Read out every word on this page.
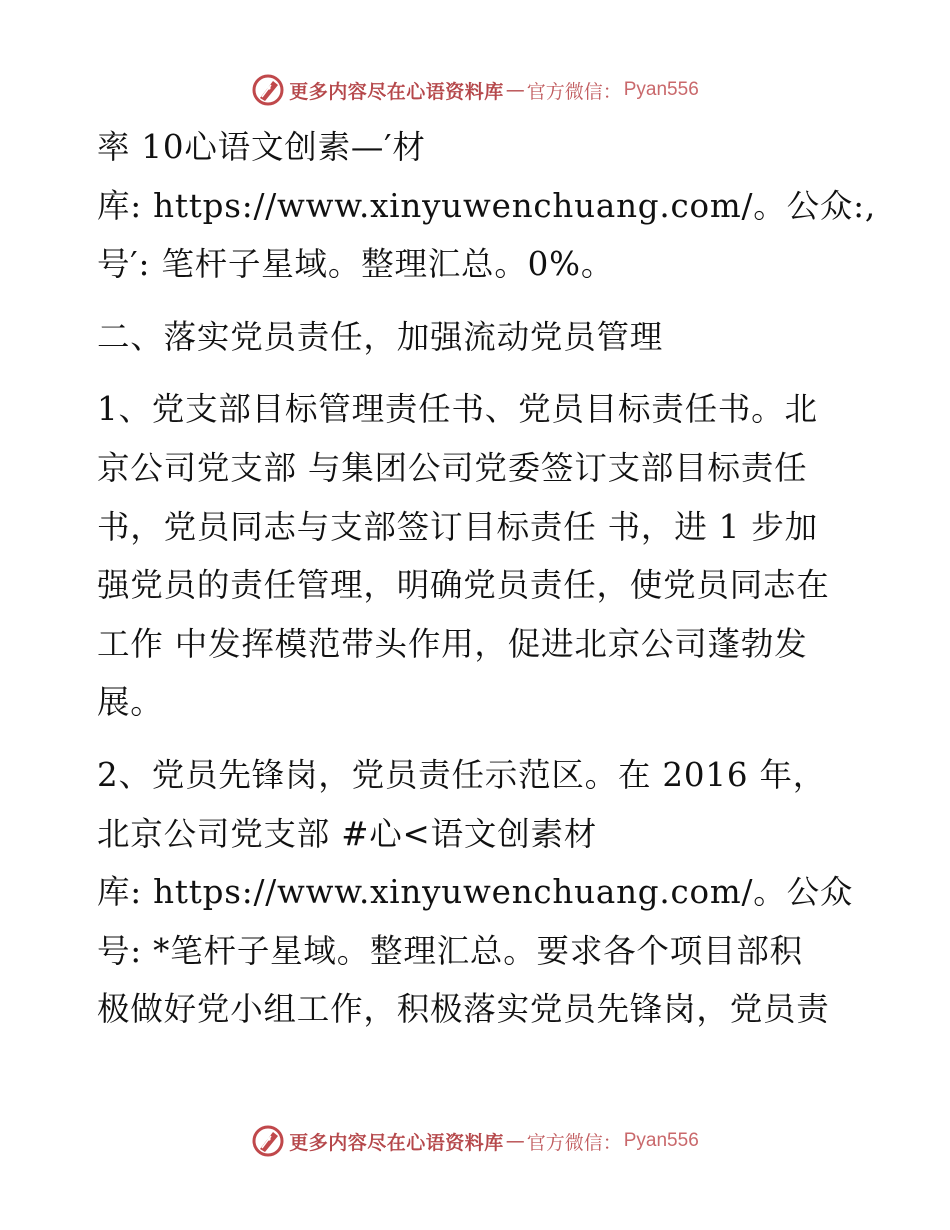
更多内容尽在心语资料库 — 官方微信： Pyan556
率 10心语文创素—′材
库: https://www.xinyuwenchuang.com/。公众:,
号′: 笔杆子星域。整理汇总。0%。
二、落实党员责任，加强流动党员管理
1、党支部目标管理责任书、党员目标责任书。北
京公司党支部 与集团公司党委签订支部目标责任
书，党员同志与支部签订目标责任 书，进 1 步加
强党员的责任管理，明确党员责任，使党员同志在
工作 中发挥模范带头作用，促进北京公司蓬勃发
展。
2、党员先锋岗，党员责任示范区。在 2016 年，
北京公司党支部 #心<语文创素材
库: https://www.xinyuwenchuang.com/。公众
号: *笔杆子星域。整理汇总。要求各个项目部积
极做好党小组工作，积极落实党员先锋岗，党员责
更多内容尽在心语资料库 — 官方微信： Pyan556
